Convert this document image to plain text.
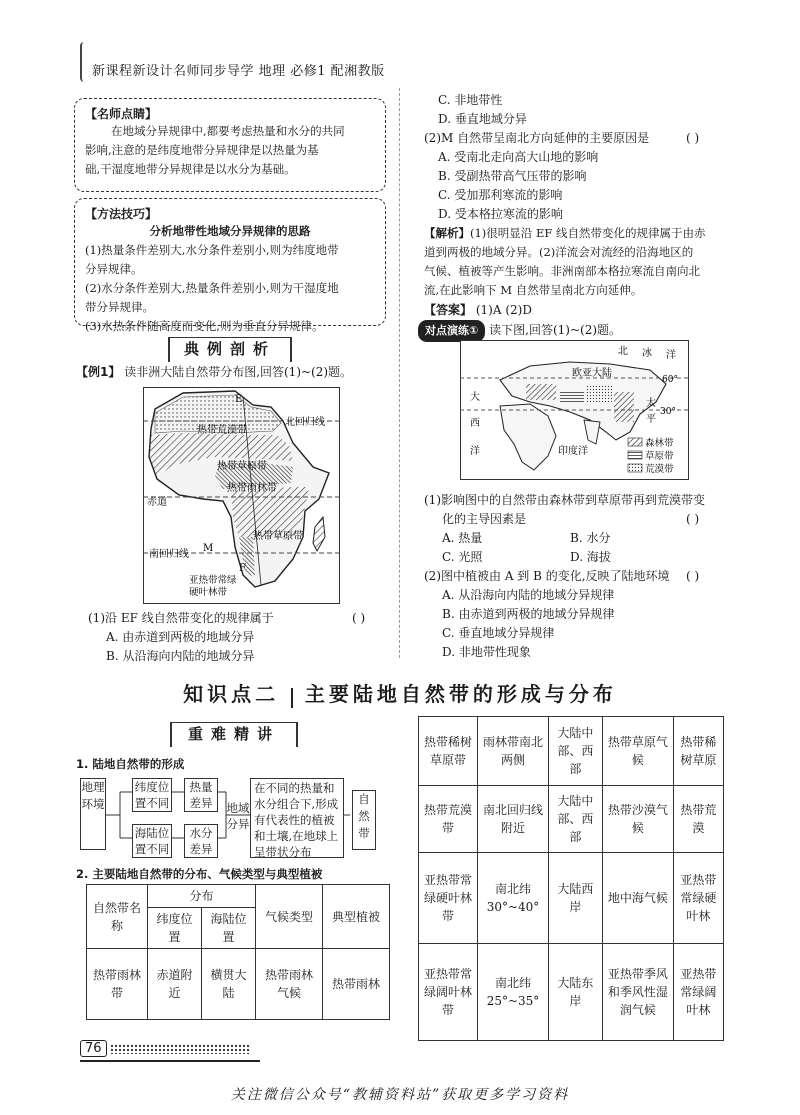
新课程新设计名师同步导学 地理 必修1 配湘教版
【名师点睛】
在地域分异规律中,都要考虑热量和水分的共同
影响,注意的是纬度地带分异规律是以热量为基
础,干湿度地带分异规律是以水分为基础。
【方法技巧】
分析地带性地域分异规律的思路
(1)热量条件差别大,水分条件差别小,则为纬度地带
分异规律。
(2)水分条件差别大,热量条件差别小,则为干湿度地
带分异规律。
(3)水热条件随高度而变化,则为垂直分异规律。
典例剖析
【例1】 读非洲大陆自然带分布图,回答(1)~(2)题。
E
北回归线
热带荒漠带
热带草原带
热带雨林带
赤道
热带草原带
南回归线
M
F
亚热带常绿
硬叶林带
(1)沿 EF 线自然带变化的规律属于	( )
A. 由赤道到两极的地域分异
B. 从沿海向内陆的地域分异
C. 非地带性
D. 垂直地域分异
(2)M 自然带呈南北方向延伸的主要原因是	( )
A. 受南北走向高大山地的影响
B. 受副热带高气压带的影响
C. 受加那利寒流的影响
D. 受本格拉寒流的影响
【解析】(1)很明显沿 EF 线自然带变化的规律属于由赤
道到两极的地域分异。(2)洋流会对流经的沿海地区的
气候、植被等产生影响。非洲南部本格拉寒流自南向北
流,在此影响下 M 自然带呈南北方向延伸。
【答案】 (1)A (2)D
对点演练① 读下图,回答(1)~(2)题。
北 冰 洋
欧亚大陆
60°
大
西
洋
太
平
30°
印度洋
森林带
草原带
荒漠带
(1)影响图中的自然带由森林带到草原带再到荒漠带变
化的主导因素是	( )
A. 热量	B. 水分
C. 光照	D. 海拔
(2)图中植被由 A 到 B 的变化,反映了陆地环境 ( )
A. 从沿海向内陆的地域分异规律
B. 由赤道到两极的地域分异规律
C. 垂直地域分异规律
D. 非地带性现象
知识点二 主要陆地自然带的形成与分布
重难精讲
1. 陆地自然带的形成
地理环境
纬度位置不同
热量差异
海陆位置不同
水分差异
地域分异
在不同的热量和水分组合下,形成有代表性的植被和土壤,在地球上呈带状分布
自然带
2. 主要陆地自然带的分布、气候类型与典型植被
自然带名称	分布		气候类型	典型植被
	纬度位置	海陆位置		
热带雨林带	赤道附近	横贯大陆	热带雨林气候	热带雨林
热带稀树草原带	雨林带南北两侧	大陆中部、西部	热带草原气候	热带稀树草原
热带荒漠带	南北回归线附近	大陆中部、西部	热带沙漠气候	热带荒漠
亚热带常绿硬叶林带	南北纬30°~40°	大陆西岸	地中海气候	亚热带常绿硬叶林
亚热带常绿阔叶林带	南北纬25°~35°	大陆东岸	亚热带季风和季风性湿润气候	亚热带常绿阔叶林
76
关注微信公众号“教辅资料站”获取更多学习资料
